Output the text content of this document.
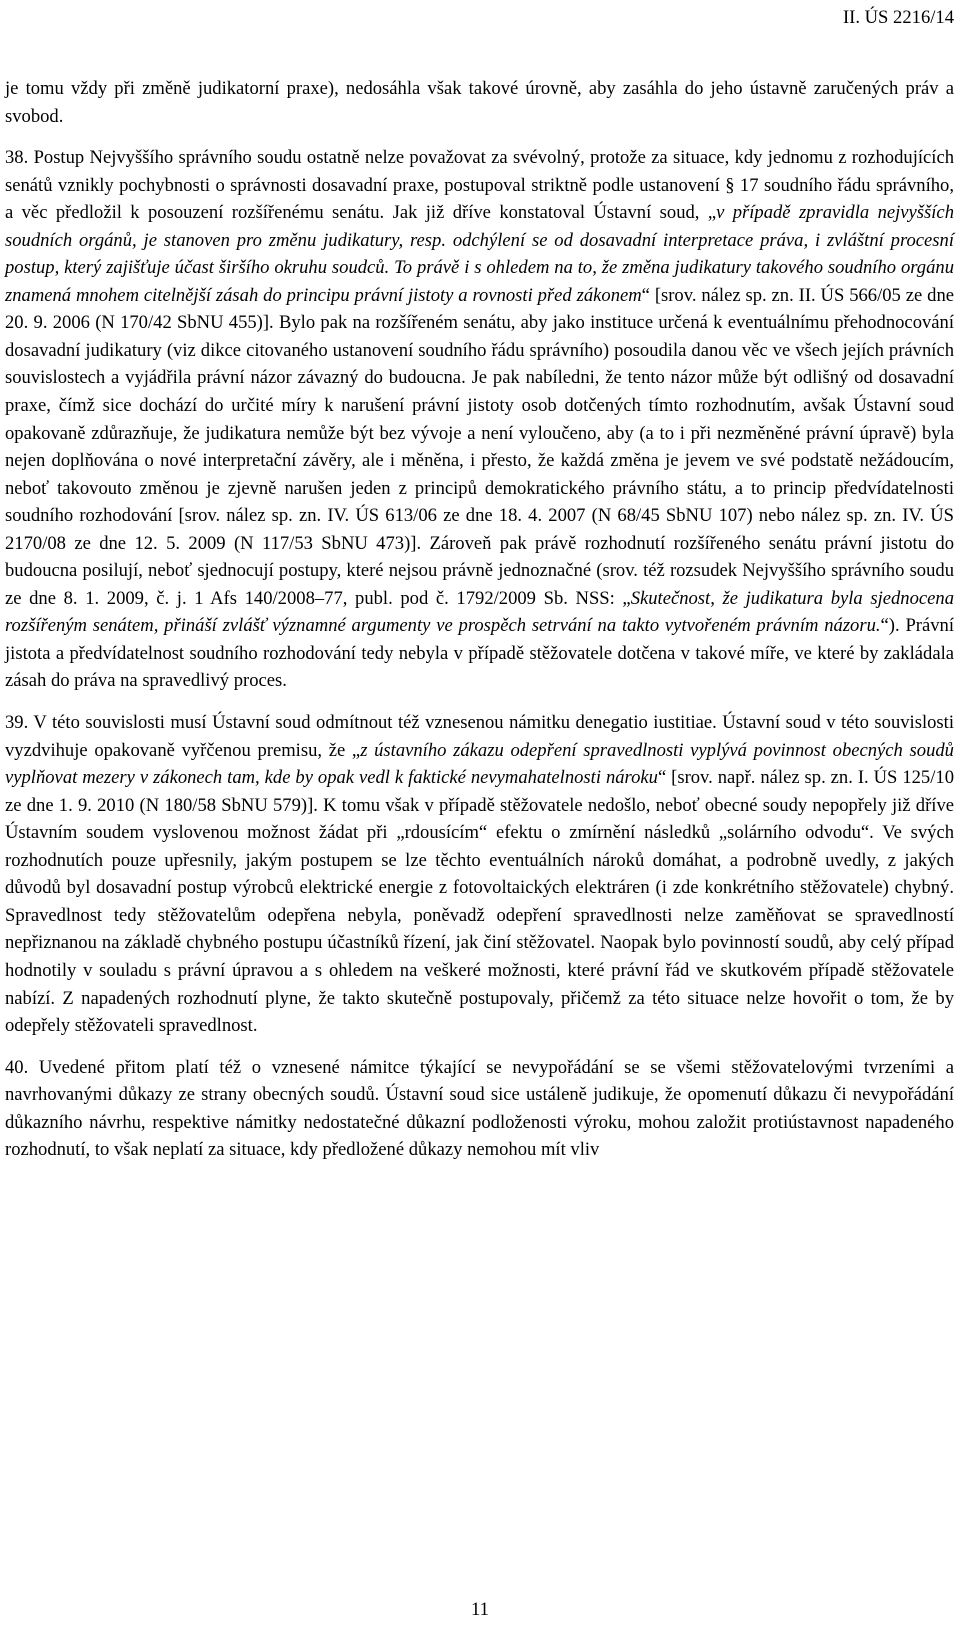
II. ÚS 2216/14

je tomu vždy při změně judikatorní praxe), nedosáhla však takové úrovně, aby zasáhla do jeho ústavně zaručených práv a svobod.

38. Postup Nejvyššího správního soudu ostatně nelze považovat za svévolný, protože za situace, kdy jednomu z rozhodujících senátů vznikly pochybnosti o správnosti dosavadní praxe, postupoval striktně podle ustanovení § 17 soudního řádu správního, a věc předložil k posouzení rozšířenému senátu. Jak již dříve konstatoval Ústavní soud, „v případě zpravidla nejvyšších soudních orgánů, je stanoven pro změnu judikatury, resp. odchýlení se od dosavadní interpretace práva, i zvláštní procesní postup, který zajišťuje účast širšího okruhu soudců. To právě i s ohledem na to, že změna judikatury takového soudního orgánu znamená mnohem citelnější zásah do principu právní jistoty a rovnosti před zákonem“ [srov. nález sp. zn. II. ÚS 566/05 ze dne 20. 9. 2006 (N 170/42 SbNU 455)]. Bylo pak na rozšířeném senátu, aby jako instituce určená k eventuálnímu přehodnocování dosavadní judikatury (viz dikce citovaného ustanovení soudního řádu správního) posoudila danou věc ve všech jejích právních souvislostech a vyjádřila právní názor závazný do budoucna. Je pak nabíledni, že tento názor může být odlišný od dosavadní praxe, čímž sice dochází do určité míry k narušení právní jistoty osob dotčených tímto rozhodnutím, avšak Ústavní soud opakovaně zdůrazňuje, že judikatura nemůže být bez vývoje a není vyloučeno, aby (a to i při nezměněné právní úpravě) byla nejen doplňována o nové interpretační závěry, ale i měněna, i přesto, že každá změna je jevem ve své podstatě nežádoucím, neboť takovouto změnou je zjevně narušen jeden z principů demokratického právního státu, a to princip předvídatelnosti soudního rozhodování [srov. nález sp. zn. IV. ÚS 613/06 ze dne 18. 4. 2007 (N 68/45 SbNU 107) nebo nález sp. zn. IV. ÚS 2170/08 ze dne 12. 5. 2009 (N 117/53 SbNU 473)]. Zároveň pak právě rozhodnutí rozšířeného senátu právní jistotu do budoucna posilují, neboť sjednocují postupy, které nejsou právně jednoznačné (srov. též rozsudek Nejvyššího správního soudu ze dne 8. 1. 2009, č. j. 1 Afs 140/2008–77, publ. pod č. 1792/2009 Sb. NSS: „Skutečnost, že judikatura byla sjednocena rozšířeným senátem, přináší zvlášť významné argumenty ve prospěch setrvání na takto vytvořeném právním názoru.“). Právní jistota a předvídatelnost soudního rozhodování tedy nebyla v případě stěžovatele dotčena v takové míře, ve které by zakládala zásah do práva na spravedlivý proces.

39. V této souvislosti musí Ústavní soud odmítnout též vznesenou námitku denegatio iustitiae. Ústavní soud v této souvislosti vyzdvihuje opakovaně vyřčenou premisu, že „z ústavního zákazu odepření spravedlnosti vyplývá povinnost obecných soudů vyplňovat mezery v zákonech tam, kde by opak vedl k faktické nevymahatelnosti nároku“ [srov. např. nález sp. zn. I. ÚS 125/10 ze dne 1. 9. 2010 (N 180/58 SbNU 579)]. K tomu však v případě stěžovatele nedošlo, neboť obecné soudy nepopřely již dříve Ústavním soudem vyslovenou možnost žádat při „rdousícím“ efektu o zmírnění následků „solárního odvodu“. Ve svých rozhodnutích pouze upřesnily, jakým postupem se lze těchto eventuálních nároků domáhat, a podrobně uvedly, z jakých důvodů byl dosavadní postup výrobců elektrické energie z fotovoltaických elektráren (i zde konkrétního stěžovatele) chybný. Spravedlnost tedy stěžovatelům odepřena nebyla, poněvadž odepření spravedlnosti nelze zaměňovat se spravedlností nepřiznanou na základě chybného postupu účastníků řízení, jak činí stěžovatel. Naopak bylo povinností soudů, aby celý případ hodnotily v souladu s právní úpravou a s ohledem na veškeré možnosti, které právní řád ve skutkovém případě stěžovatele nabízí. Z napadených rozhodnutí plyne, že takto skutečně postupovaly, přičemž za této situace nelze hovořit o tom, že by odepřely stěžovateli spravedlnost.

40. Uvedené přitom platí též o vznesené námitce týkající se nevypořádání se se všemi stěžovatelovými tvrzeními a navrhovanými důkazy ze strany obecných soudů. Ústavní soud sice ustáleně judikuje, že opomenutí důkazu či nevypořádání důkazního návrhu, respektive námitky nedostatečné důkazní podloženosti výroku, mohou založit protiústavnost napadeného rozhodnutí, to však neplatí za situace, kdy předložené důkazy nemohou mít vliv

11
